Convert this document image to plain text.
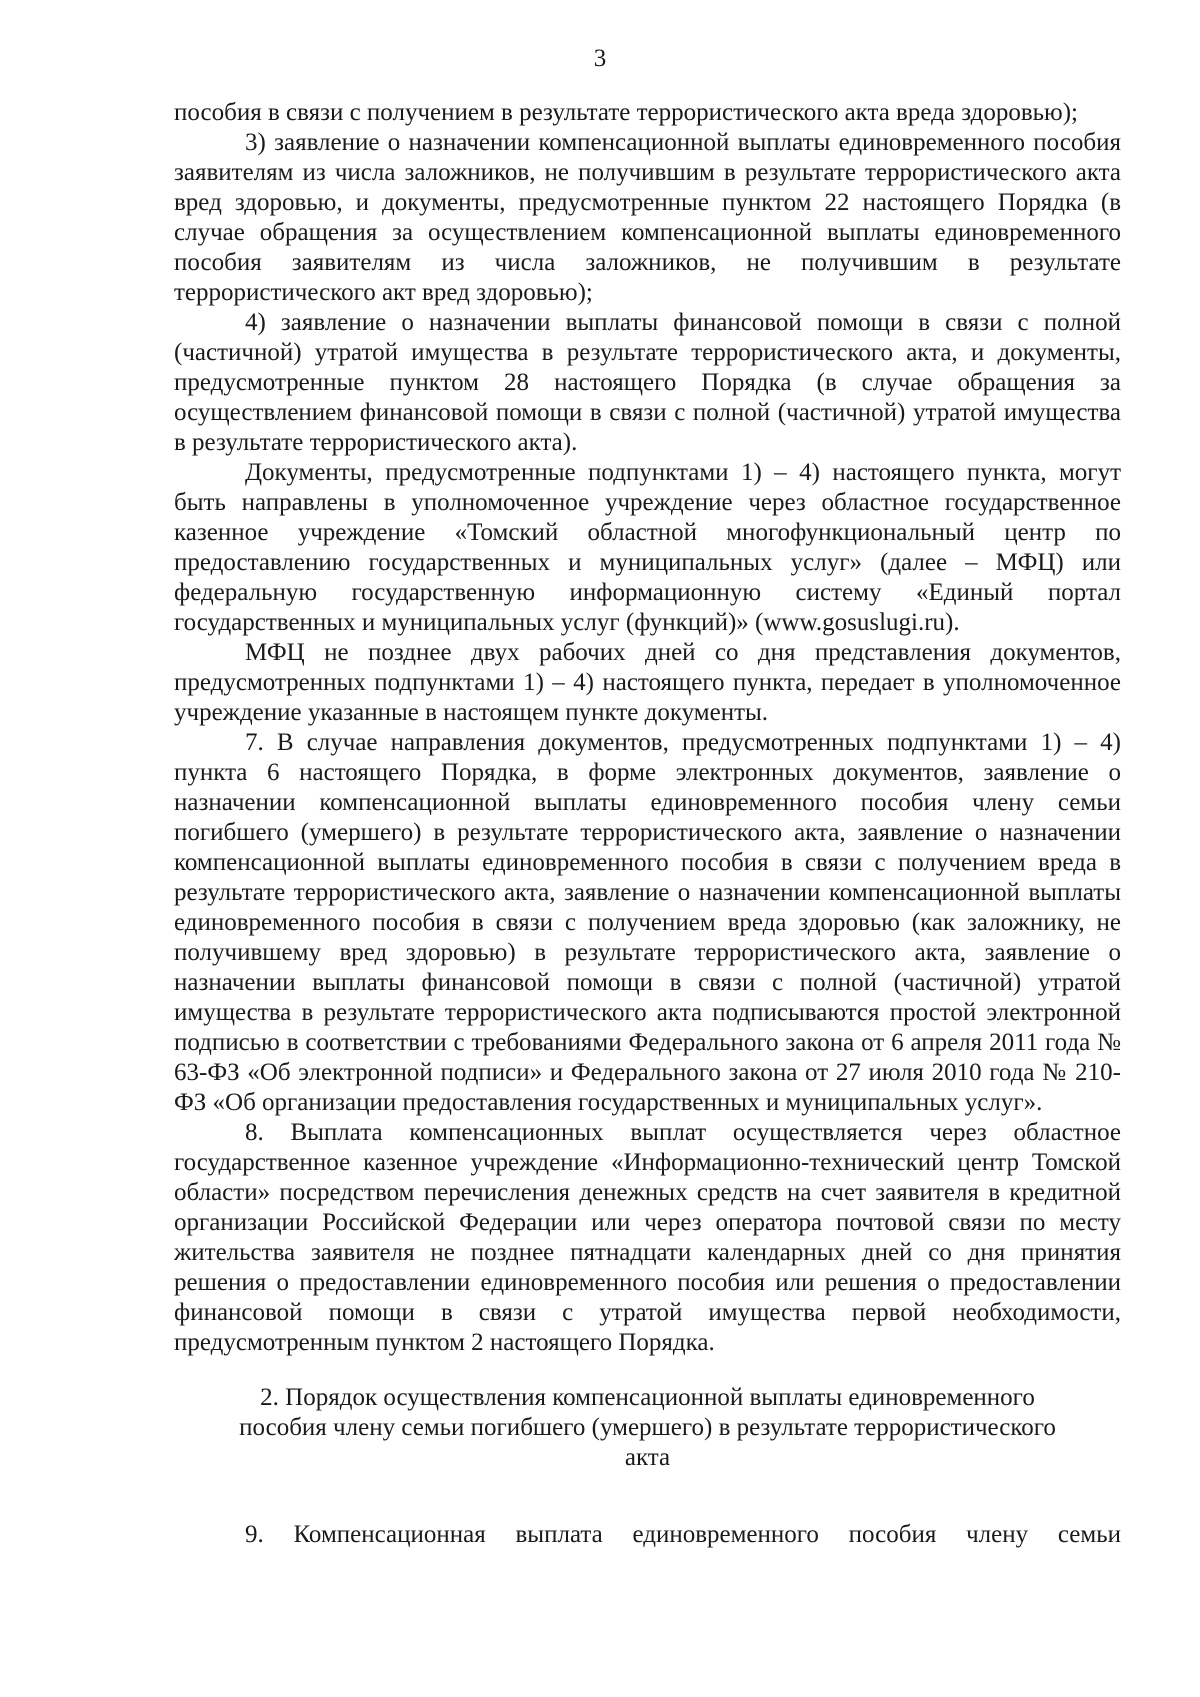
3

пособия в связи с получением в результате террористического акта вреда здоровью);

3) заявление о назначении компенсационной выплаты единовременного пособия заявителям из числа заложников, не получившим в результате террористического акта вред здоровью, и документы, предусмотренные пунктом 22 настоящего Порядка (в случае обращения за осуществлением компенсационной выплаты единовременного пособия заявителям из числа заложников, не получившим в результате террористического акт вред здоровью);

4) заявление о назначении выплаты финансовой помощи в связи с полной (частичной) утратой имущества в результате террористического акта, и документы, предусмотренные пунктом 28 настоящего Порядка (в случае обращения за осуществлением финансовой помощи в связи с полной (частичной) утратой имущества в результате террористического акта).

Документы, предусмотренные подпунктами 1) – 4) настоящего пункта, могут быть направлены в уполномоченное учреждение через областное государственное казенное учреждение «Томский областной многофункциональный центр по предоставлению государственных и муниципальных услуг» (далее – МФЦ) или федеральную государственную информационную систему «Единый портал государственных и муниципальных услуг (функций)» (www.gosuslugi.ru).

МФЦ не позднее двух рабочих дней со дня представления документов, предусмотренных подпунктами 1) – 4) настоящего пункта, передает в уполномоченное учреждение указанные в настоящем пункте документы.

7. В случае направления документов, предусмотренных подпунктами 1) – 4) пункта 6 настоящего Порядка, в форме электронных документов, заявление о назначении компенсационной выплаты единовременного пособия члену семьи погибшего (умершего) в результате террористического акта, заявление о назначении компенсационной выплаты единовременного пособия в связи с получением вреда в результате террористического акта, заявление о назначении компенсационной выплаты единовременного пособия в связи с получением вреда здоровью (как заложнику, не получившему вред здоровью) в результате террористического акта, заявление о назначении выплаты финансовой помощи в связи с полной (частичной) утратой имущества в результате террористического акта подписываются простой электронной подписью в соответствии с требованиями Федерального закона от 6 апреля 2011 года № 63-ФЗ «Об электронной подписи» и Федерального закона от 27 июля 2010 года № 210-ФЗ «Об организации предоставления государственных и муниципальных услуг».

8. Выплата компенсационных выплат осуществляется через областное государственное казенное учреждение «Информационно-технический центр Томской области» посредством перечисления денежных средств на счет заявителя в кредитной организации Российской Федерации или через оператора почтовой связи по месту жительства заявителя не позднее пятнадцати календарных дней со дня принятия решения о предоставлении единовременного пособия или решения о предоставлении финансовой помощи в связи с утратой имущества первой необходимости, предусмотренным пунктом 2 настоящего Порядка.

2. Порядок осуществления компенсационной выплаты единовременного пособия члену семьи погибшего (умершего) в результате террористического акта

9. Компенсационная выплата единовременного пособия члену семьи
